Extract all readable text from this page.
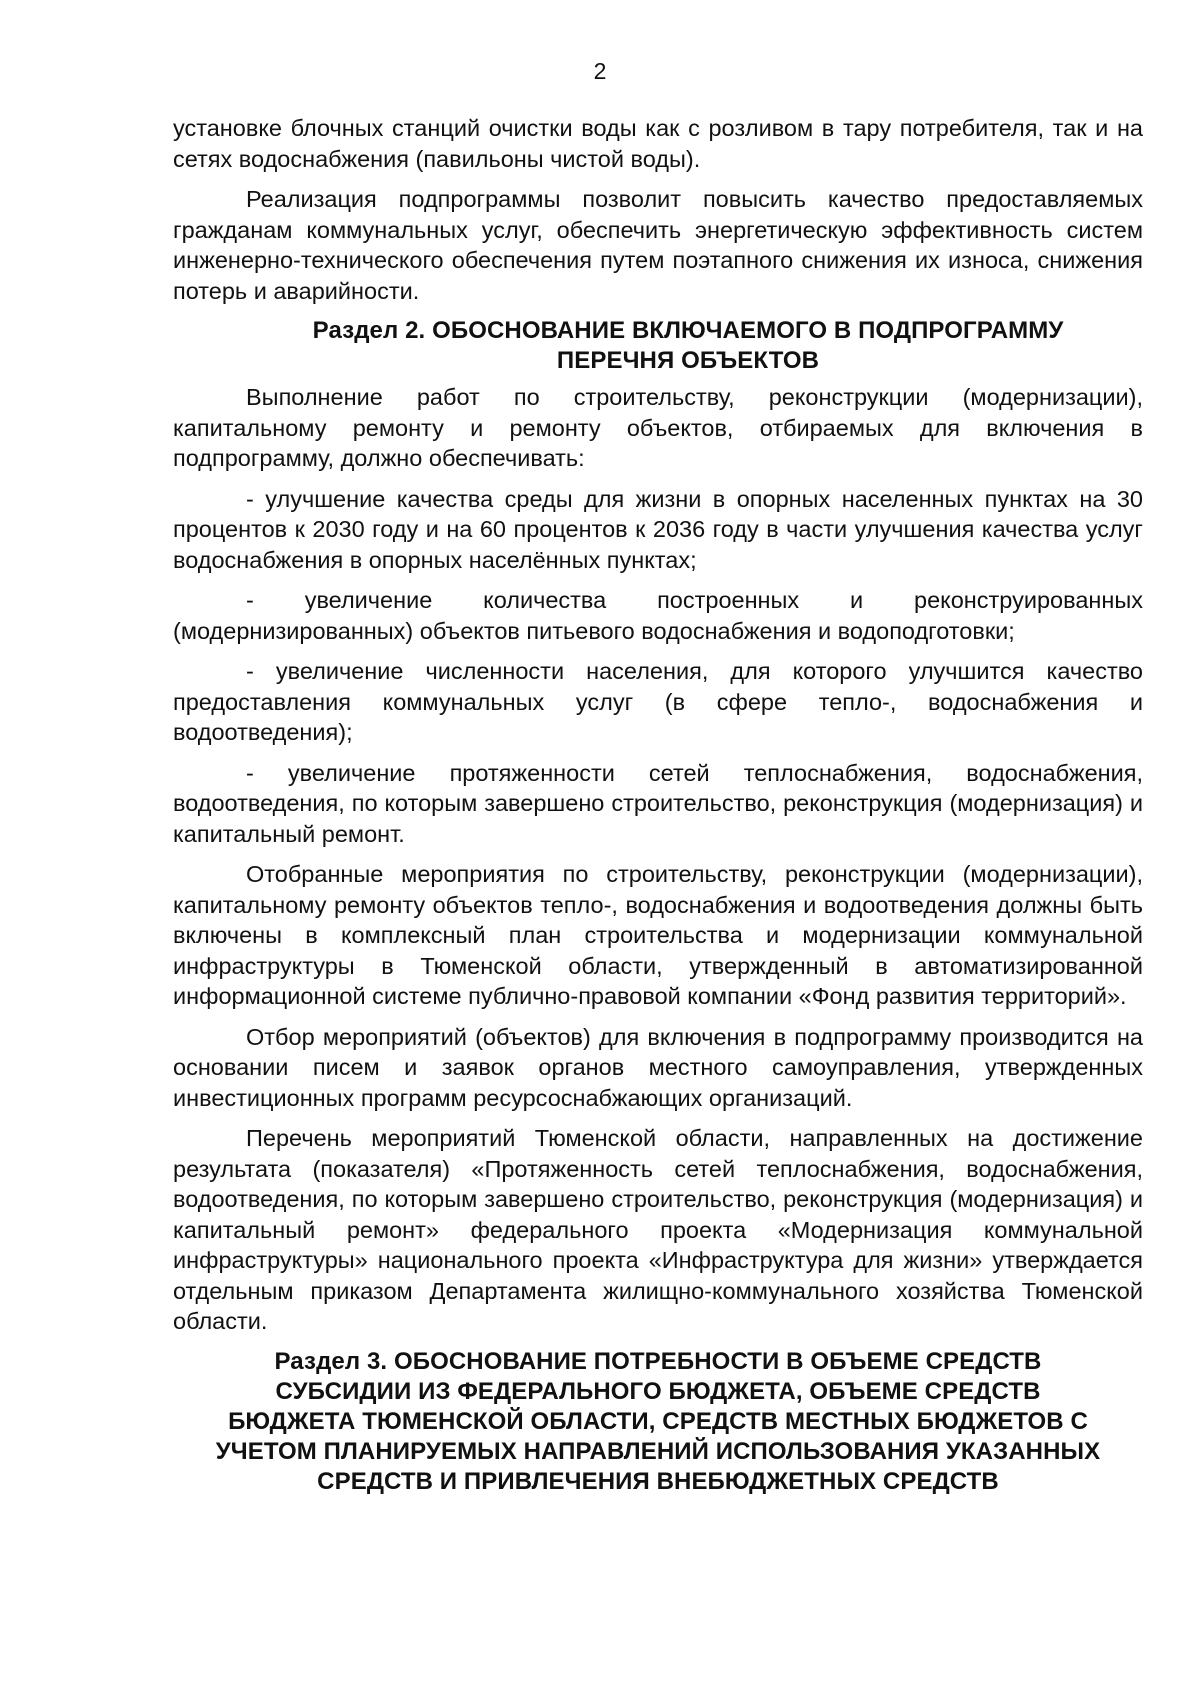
2

установке блочных станций очистки воды как с розливом в тару потребителя, так и на сетях водоснабжения (павильоны чистой воды).

Реализация подпрограммы позволит повысить качество предоставляемых гражданам коммунальных услуг, обеспечить энергетическую эффективность систем инженерно-технического обеспечения путем поэтапного снижения их износа, снижения потерь и аварийности.

Раздел 2. ОБОСНОВАНИЕ ВКЛЮЧАЕМОГО В ПОДПРОГРАММУ
ПЕРЕЧНЯ ОБЪЕКТОВ

Выполнение работ по строительству, реконструкции (модернизации), капитальному ремонту и ремонту объектов, отбираемых для включения в подпрограмму, должно обеспечивать:

- улучшение качества среды для жизни в опорных населенных пунктах на 30 процентов к 2030 году и на 60 процентов к 2036 году в части улучшения качества услуг водоснабжения в опорных населённых пунктах;

- увеличение количества построенных и реконструированных (модернизированных) объектов питьевого водоснабжения и водоподготовки;

- увеличение численности населения, для которого улучшится качество предоставления коммунальных услуг (в сфере тепло-, водоснабжения и водоотведения);

- увеличение протяженности сетей теплоснабжения, водоснабжения, водоотведения, по которым завершено строительство, реконструкция (модернизация) и капитальный ремонт.

Отобранные мероприятия по строительству, реконструкции (модернизации), капитальному ремонту объектов тепло-, водоснабжения и водоотведения должны быть включены в комплексный план строительства и модернизации коммунальной инфраструктуры в Тюменской области, утвержденный в автоматизированной информационной системе публично-правовой компании «Фонд развития территорий».

Отбор мероприятий (объектов) для включения в подпрограмму производится на основании писем и заявок органов местного самоуправления, утвержденных инвестиционных программ ресурсоснабжающих организаций.

Перечень мероприятий Тюменской области, направленных на достижение результата (показателя) «Протяженность сетей теплоснабжения, водоснабжения, водоотведения, по которым завершено строительство, реконструкция (модернизация) и капитальный ремонт» федерального проекта «Модернизация коммунальной инфраструктуры» национального проекта «Инфраструктура для жизни» утверждается отдельным приказом Департамента жилищно-коммунального хозяйства Тюменской области.

Раздел 3. ОБОСНОВАНИЕ ПОТРЕБНОСТИ В ОБЪЕМЕ СРЕДСТВ
СУБСИДИИ ИЗ ФЕДЕРАЛЬНОГО БЮДЖЕТА, ОБЪЕМЕ СРЕДСТВ
БЮДЖЕТА ТЮМЕНСКОЙ ОБЛАСТИ, СРЕДСТВ МЕСТНЫХ БЮДЖЕТОВ С
УЧЕТОМ ПЛАНИРУЕМЫХ НАПРАВЛЕНИЙ ИСПОЛЬЗОВАНИЯ УКАЗАННЫХ
СРЕДСТВ И ПРИВЛЕЧЕНИЯ ВНЕБЮДЖЕТНЫХ СРЕДСТВ
